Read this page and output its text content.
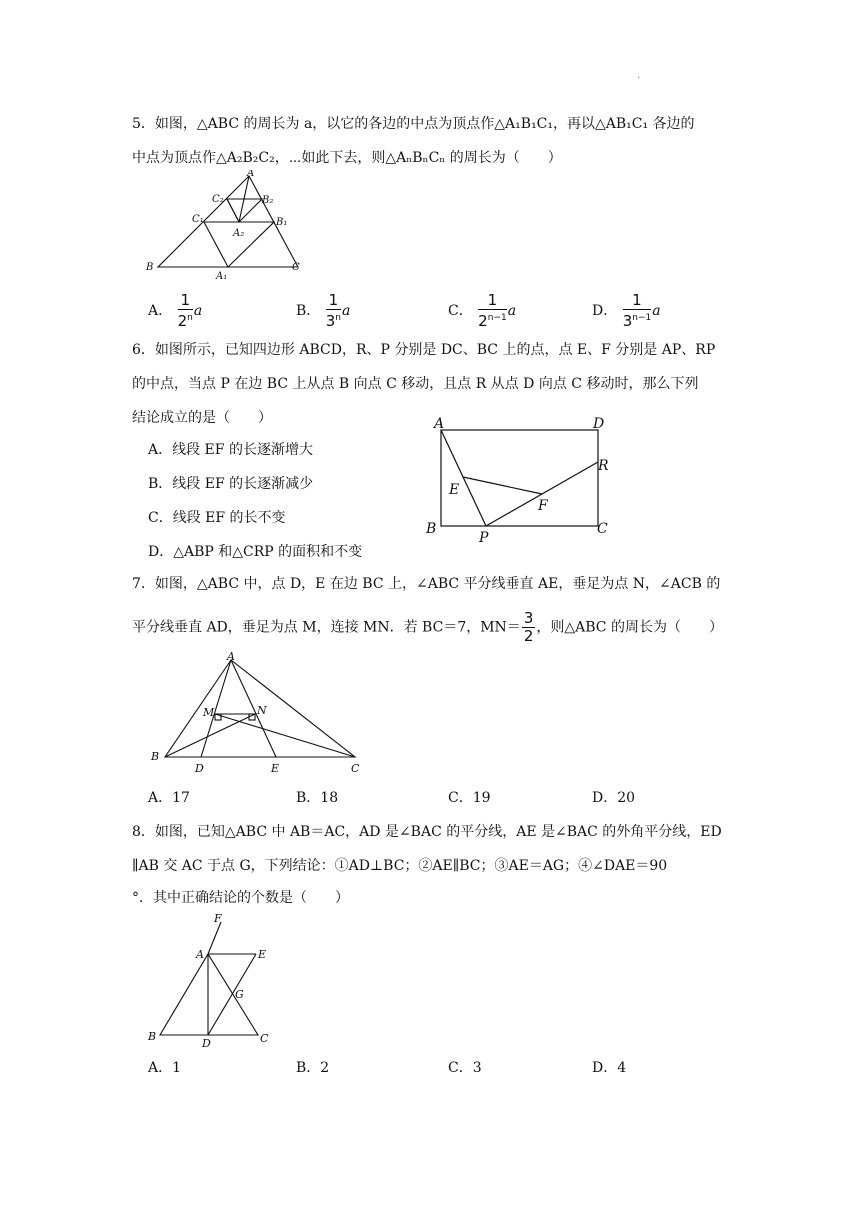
.
5．如图，△ABC 的周长为 a，以它的各边的中点为顶点作△A₁B₁C₁，再以△AB₁C₁ 各边的
中点为顶点作△A₂B₂C₂，⋯如此下去，则△AₙBₙCₙ 的周长为（　　）
A
B	C
A₁
B₁
C₁
A₂
B₂
C₂
A． $\frac{1}{2^n}$ a	B． $\frac{1}{3^n}$ a	C． $\frac{1}{2^{n-1}}$ a	D． $\frac{1}{3^{n-1}}$ a
6．如图所示，已知四边形 ABCD，R、P 分别是 DC、BC 上的点，点 E、F 分别是 AP、RP
的中点，当点 P 在边 BC 上从点 B 向点 C 移动，且点 R 从点 D 向点 C 移动时，那么下列
结论成立的是（　　）
A．线段 EF 的长逐渐增大
B．线段 EF 的长逐渐减少
C．线段 EF 的长不变
D．△ABP 和△CRP 的面积和不变
A	D
B	C
E
F
P
R
7．如图，△ABC 中，点 D，E 在边 BC 上，∠ABC 平分线垂直 AE，垂足为点 N，∠ACB 的
平分线垂直 AD，垂足为点 M，连接 MN．若 BC＝7，$MN= \frac{3}{2}$ ，则△ABC 的周长为（　　）
A
B
C
D	E
M	N
A．17	B．18	C．19	D．20
8．如图，已知△ABC 中 AB＝AC，AD 是∠BAC 的平分线，AE 是∠BAC 的外角平分线，ED
∥AB 交 AC 于点 G，下列结论：①AD⊥BC；②AE∥BC；③AE＝AG；④∠DAE＝90
°．其中正确结论的个数是（　　）
F
A	E
G
B
D	C
A．1	B．2	C．3	D．4
